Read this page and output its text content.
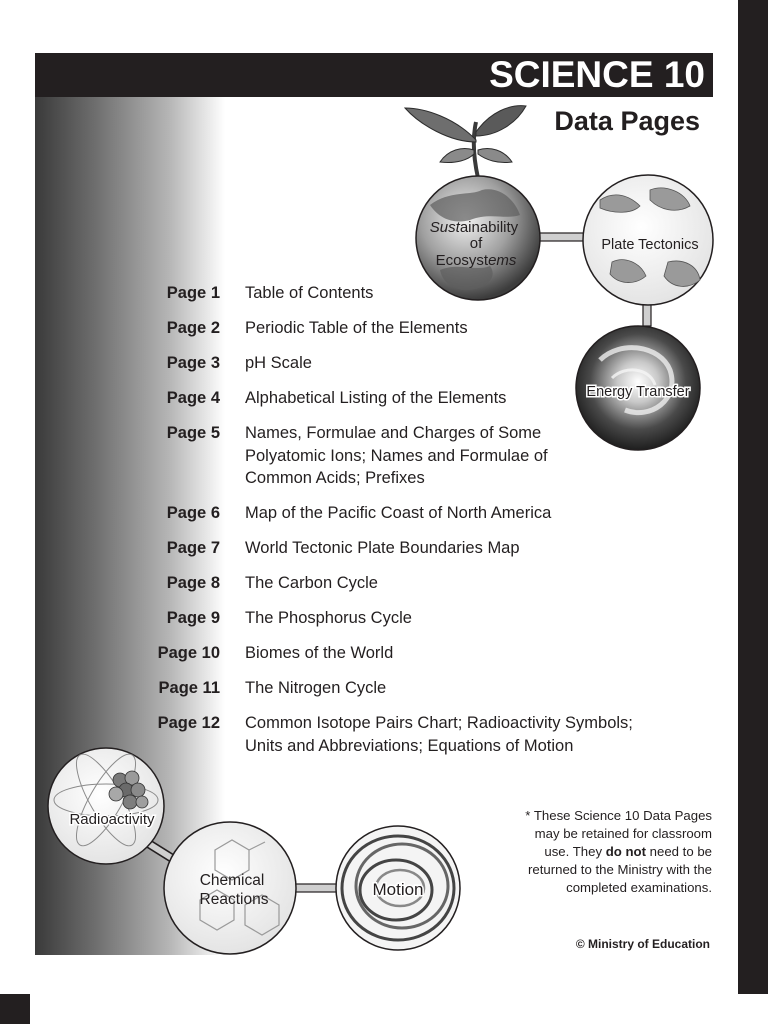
SCIENCE 10
Data Pages
Sustainability
of
Ecosystems
Plate Tectonics
Energy Transfer
Radioactivity
Chemical
Reactions
Motion
Page 1 Table of Contents
Page 2 Periodic Table of the Elements
Page 3 pH Scale
Page 4 Alphabetical Listing of the Elements
Page 5 Names, Formulae and Charges of Some
Polyatomic Ions; Names and Formulae of
Common Acids; Prefixes
Page 6 Map of the Pacific Coast of North America
Page 7 World Tectonic Plate Boundaries Map
Page 8 The Carbon Cycle
Page 9 The Phosphorus Cycle
Page 10 Biomes of the World
Page 11 The Nitrogen Cycle
Page 12 Common Isotope Pairs Chart; Radioactivity Symbols;
Units and Abbreviations; Equations of Motion
* These Science 10 Data Pages
may be retained for classroom
use. They do not need to be
returned to the Ministry with the
completed examinations.
© Ministry of Education
